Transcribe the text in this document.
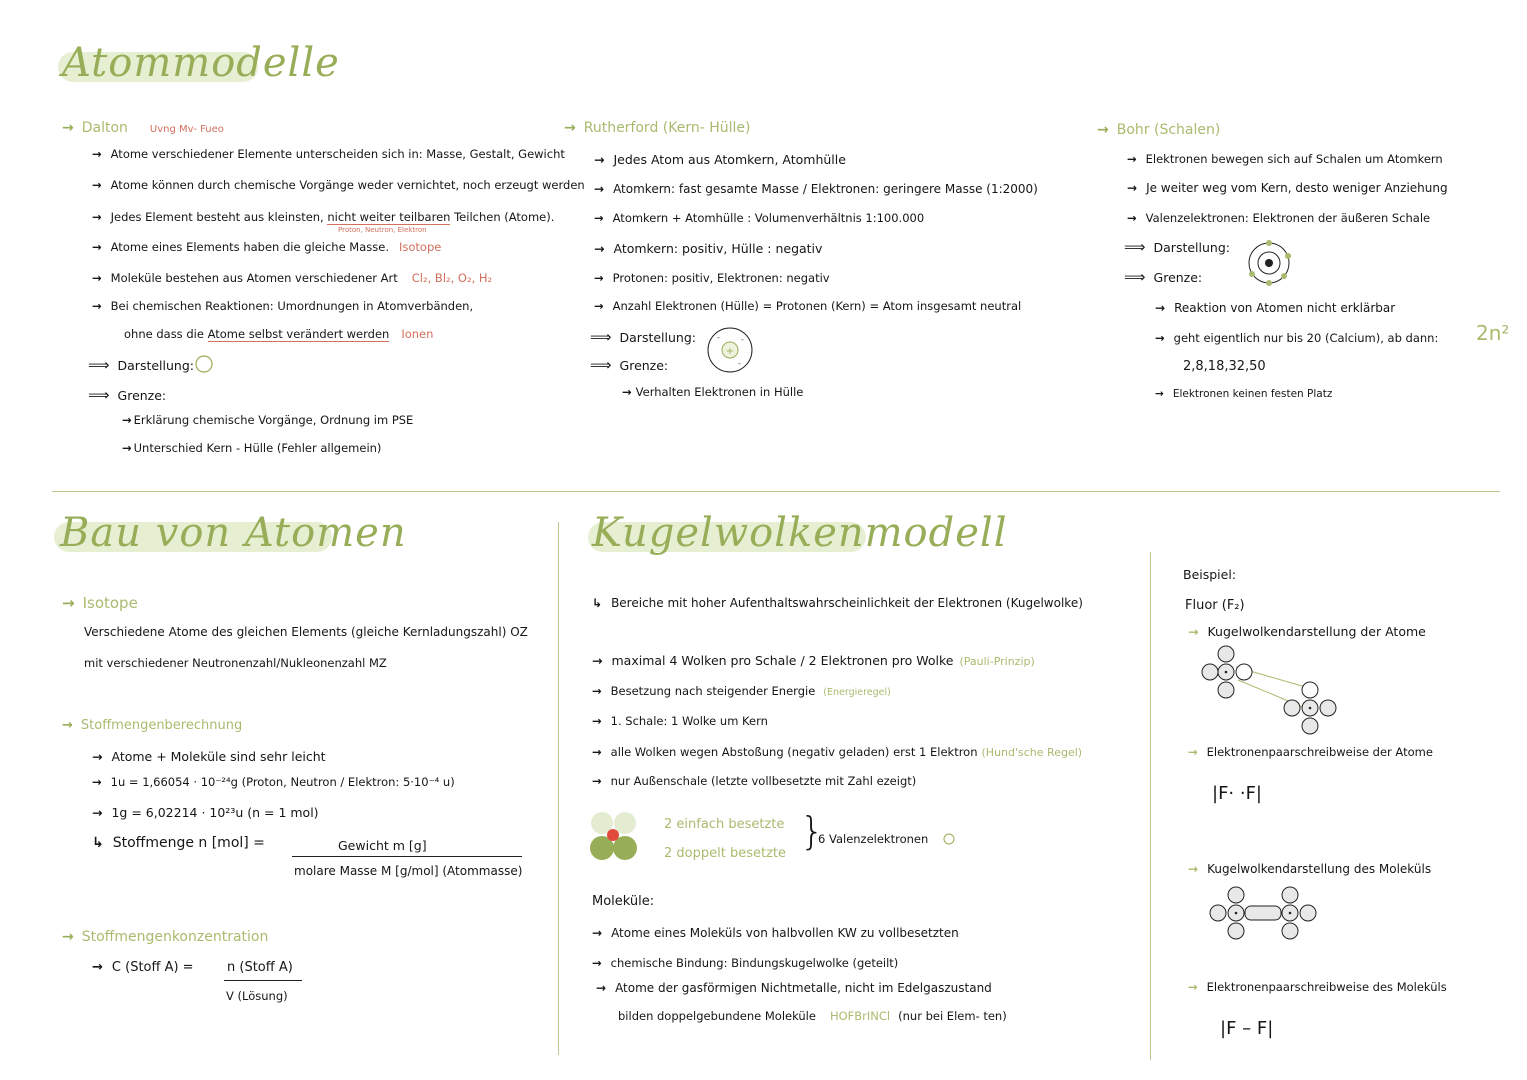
Atommodelle
→ Dalton Uvng Mv- Fueo
→ Atome verschiedener Elemente unterscheiden sich in: Masse, Gestalt, Gewicht
→ Atome können durch chemische Vorgänge weder vernichtet, noch erzeugt werden
→ Jedes Element besteht aus kleinsten, nicht weiter teilbaren Teilchen (Atome).
Proton, Neutron, Elektron
→ Atome eines Elements haben die gleiche Masse. Isotope
→ Moleküle bestehen aus Atomen verschiedener Art Cl₂, Bl₂, O₂, H₂
→ Bei chemischen Reaktionen: Umordnungen in Atomverbänden,
ohne dass die Atome selbst verändert werden Ionen
⟹ Darstellung:
⟹ Grenze:
→ Erklärung chemische Vorgänge, Ordnung im PSE
→ Unterschied Kern - Hülle (Fehler allgemein)
→ Rutherford (Kern- Hülle)
→ Jedes Atom aus Atomkern, Atomhülle
→ Atomkern: fast gesamte Masse / Elektronen: geringere Masse (1:2000)
→ Atomkern + Atomhülle : Volumenverhältnis 1:100.000
→ Atomkern: positiv, Hülle : negativ
→ Protonen: positiv, Elektronen: negativ
→ Anzahl Elektronen (Hülle) = Protonen (Kern) = Atom insgesamt neutral
⟹ Darstellung:
+
-	-
-
⟹ Grenze:
→ Verhalten Elektronen in Hülle
→ Bohr (Schalen)
→ Elektronen bewegen sich auf Schalen um Atomkern
→ Je weiter weg vom Kern, desto weniger Anziehung
→ Valenzelektronen: Elektronen der äußeren Schale
⟹ Darstellung:
⟹ Grenze:
→ Reaktion von Atomen nicht erklärbar
→ geht eigentlich nur bis 20 (Calcium), ab dann: 2n²
2,8,18,32,50
→ Elektronen keinen festen Platz
Bau von Atomen
→ Isotope
Verschiedene Atome des gleichen Elements (gleiche Kernladungszahl) OZ
mit verschiedener Neutronenzahl/Nukleonenzahl MZ
→ Stoffmengenberechnung
→ Atome + Moleküle sind sehr leicht
→ 1u = 1,66054 · 10⁻²⁴g (Proton, Neutron / Elektron: 5·10⁻⁴ u)
→ 1g = 6,02214 · 10²³u (n = 1 mol)
↳ Stoffmenge n [mol] =	Gewicht m [g]
molare Masse M [g/mol] (Atommasse)
→ Stoffmengenkonzentration
→ C (Stoff A) =	n (Stoff A)
V (Lösung)
Kugelwolkenmodell
↳ Bereiche mit hoher Aufenthaltswahrscheinlichkeit der Elektronen (Kugelwolke)
→ maximal 4 Wolken pro Schale / 2 Elektronen pro Wolke (Pauli-Prinzip)
→ Besetzung nach steigender Energie (Energieregel)
→ 1. Schale: 1 Wolke um Kern
→ alle Wolken wegen Abstoßung (negativ geladen) erst 1 Elektron (Hund'sche Regel)
→ nur Außenschale (letzte vollbesetzte mit Zahl ezeigt)
2 einfach besetzte
2 doppelt besetzte
}
6 Valenzelektronen
Moleküle:
→ Atome eines Moleküls von halbvollen KW zu vollbesetzten
→ chemische Bindung: Bindungskugelwolke (geteilt)
→ Atome der gasförmigen Nichtmetalle, nicht im Edelgaszustand
bilden doppelgebundene Moleküle HOFBrINCl (nur bei Elem- ten)
Beispiel:
Fluor (F₂)
→ Kugelwolkendarstellung der Atome
→ Elektronenpaarschreibweise der Atome
|F· ·F|
→ Kugelwolkendarstellung des Moleküls
→ Elektronenpaarschreibweise des Moleküls
|F – F|
